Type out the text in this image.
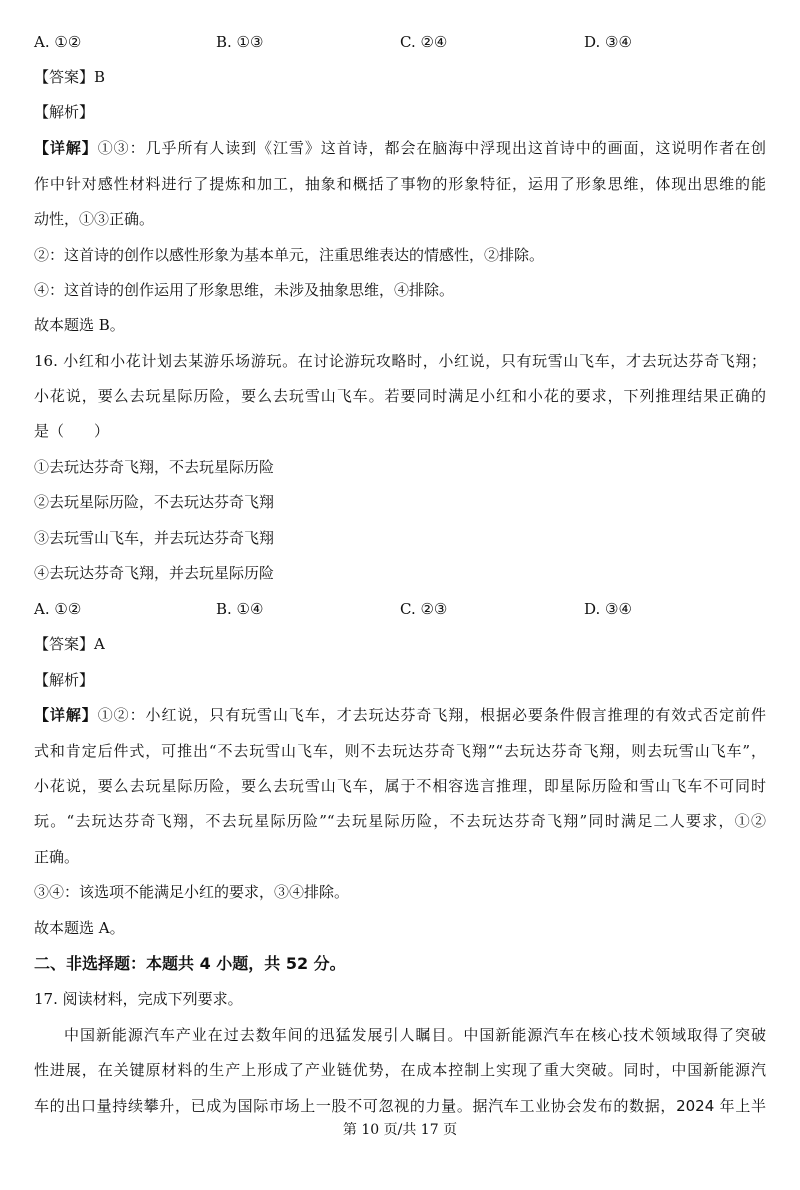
A. ①②	B. ①③	C. ②④	D. ③④
【答案】B
【解析】
【详解】①③：几乎所有人读到《江雪》这首诗，都会在脑海中浮现出这首诗中的画面，这说明作者在创
作中针对感性材料进行了提炼和加工，抽象和概括了事物的形象特征，运用了形象思维，体现出思维的能
动性，①③正确。
②：这首诗的创作以感性形象为基本单元，注重思维表达的情感性，②排除。
④：这首诗的创作运用了形象思维，未涉及抽象思维，④排除。
故本题选 B。
16. 小红和小花计划去某游乐场游玩。在讨论游玩攻略时，小红说，只有玩雪山飞车，才去玩达芬奇飞翔；
小花说，要么去玩星际历险，要么去玩雪山飞车。若要同时满足小红和小花的要求，下列推理结果正确的
是（　　）
①去玩达芬奇飞翔，不去玩星际历险
②去玩星际历险，不去玩达芬奇飞翔
③去玩雪山飞车，并去玩达芬奇飞翔
④去玩达芬奇飞翔，并去玩星际历险
A. ①②	B. ①④	C. ②③	D. ③④
【答案】A
【解析】
【详解】①②：小红说，只有玩雪山飞车，才去玩达芬奇飞翔，根据必要条件假言推理的有效式否定前件
式和肯定后件式，可推出“不去玩雪山飞车，则不去玩达芬奇飞翔”“去玩达芬奇飞翔，则去玩雪山飞车”，
小花说，要么去玩星际历险，要么去玩雪山飞车，属于不相容选言推理，即星际历险和雪山飞车不可同时
玩。“去玩达芬奇飞翔，不去玩星际历险”“去玩星际历险，不去玩达芬奇飞翔”同时满足二人要求，①②
正确。
③④：该选项不能满足小红的要求，③④排除。
故本题选 A。
二、非选择题：本题共 4 小题，共 52 分。
17. 阅读材料，完成下列要求。
中国新能源汽车产业在过去数年间的迅猛发展引人瞩目。中国新能源汽车在核心技术领域取得了突破
性进展，在关键原材料的生产上形成了产业链优势，在成本控制上实现了重大突破。同时，中国新能源汽
车的出口量持续攀升，已成为国际市场上一股不可忽视的力量。据汽车工业协会发布的数据，2024 年上半
第 10 页/共 17 页
